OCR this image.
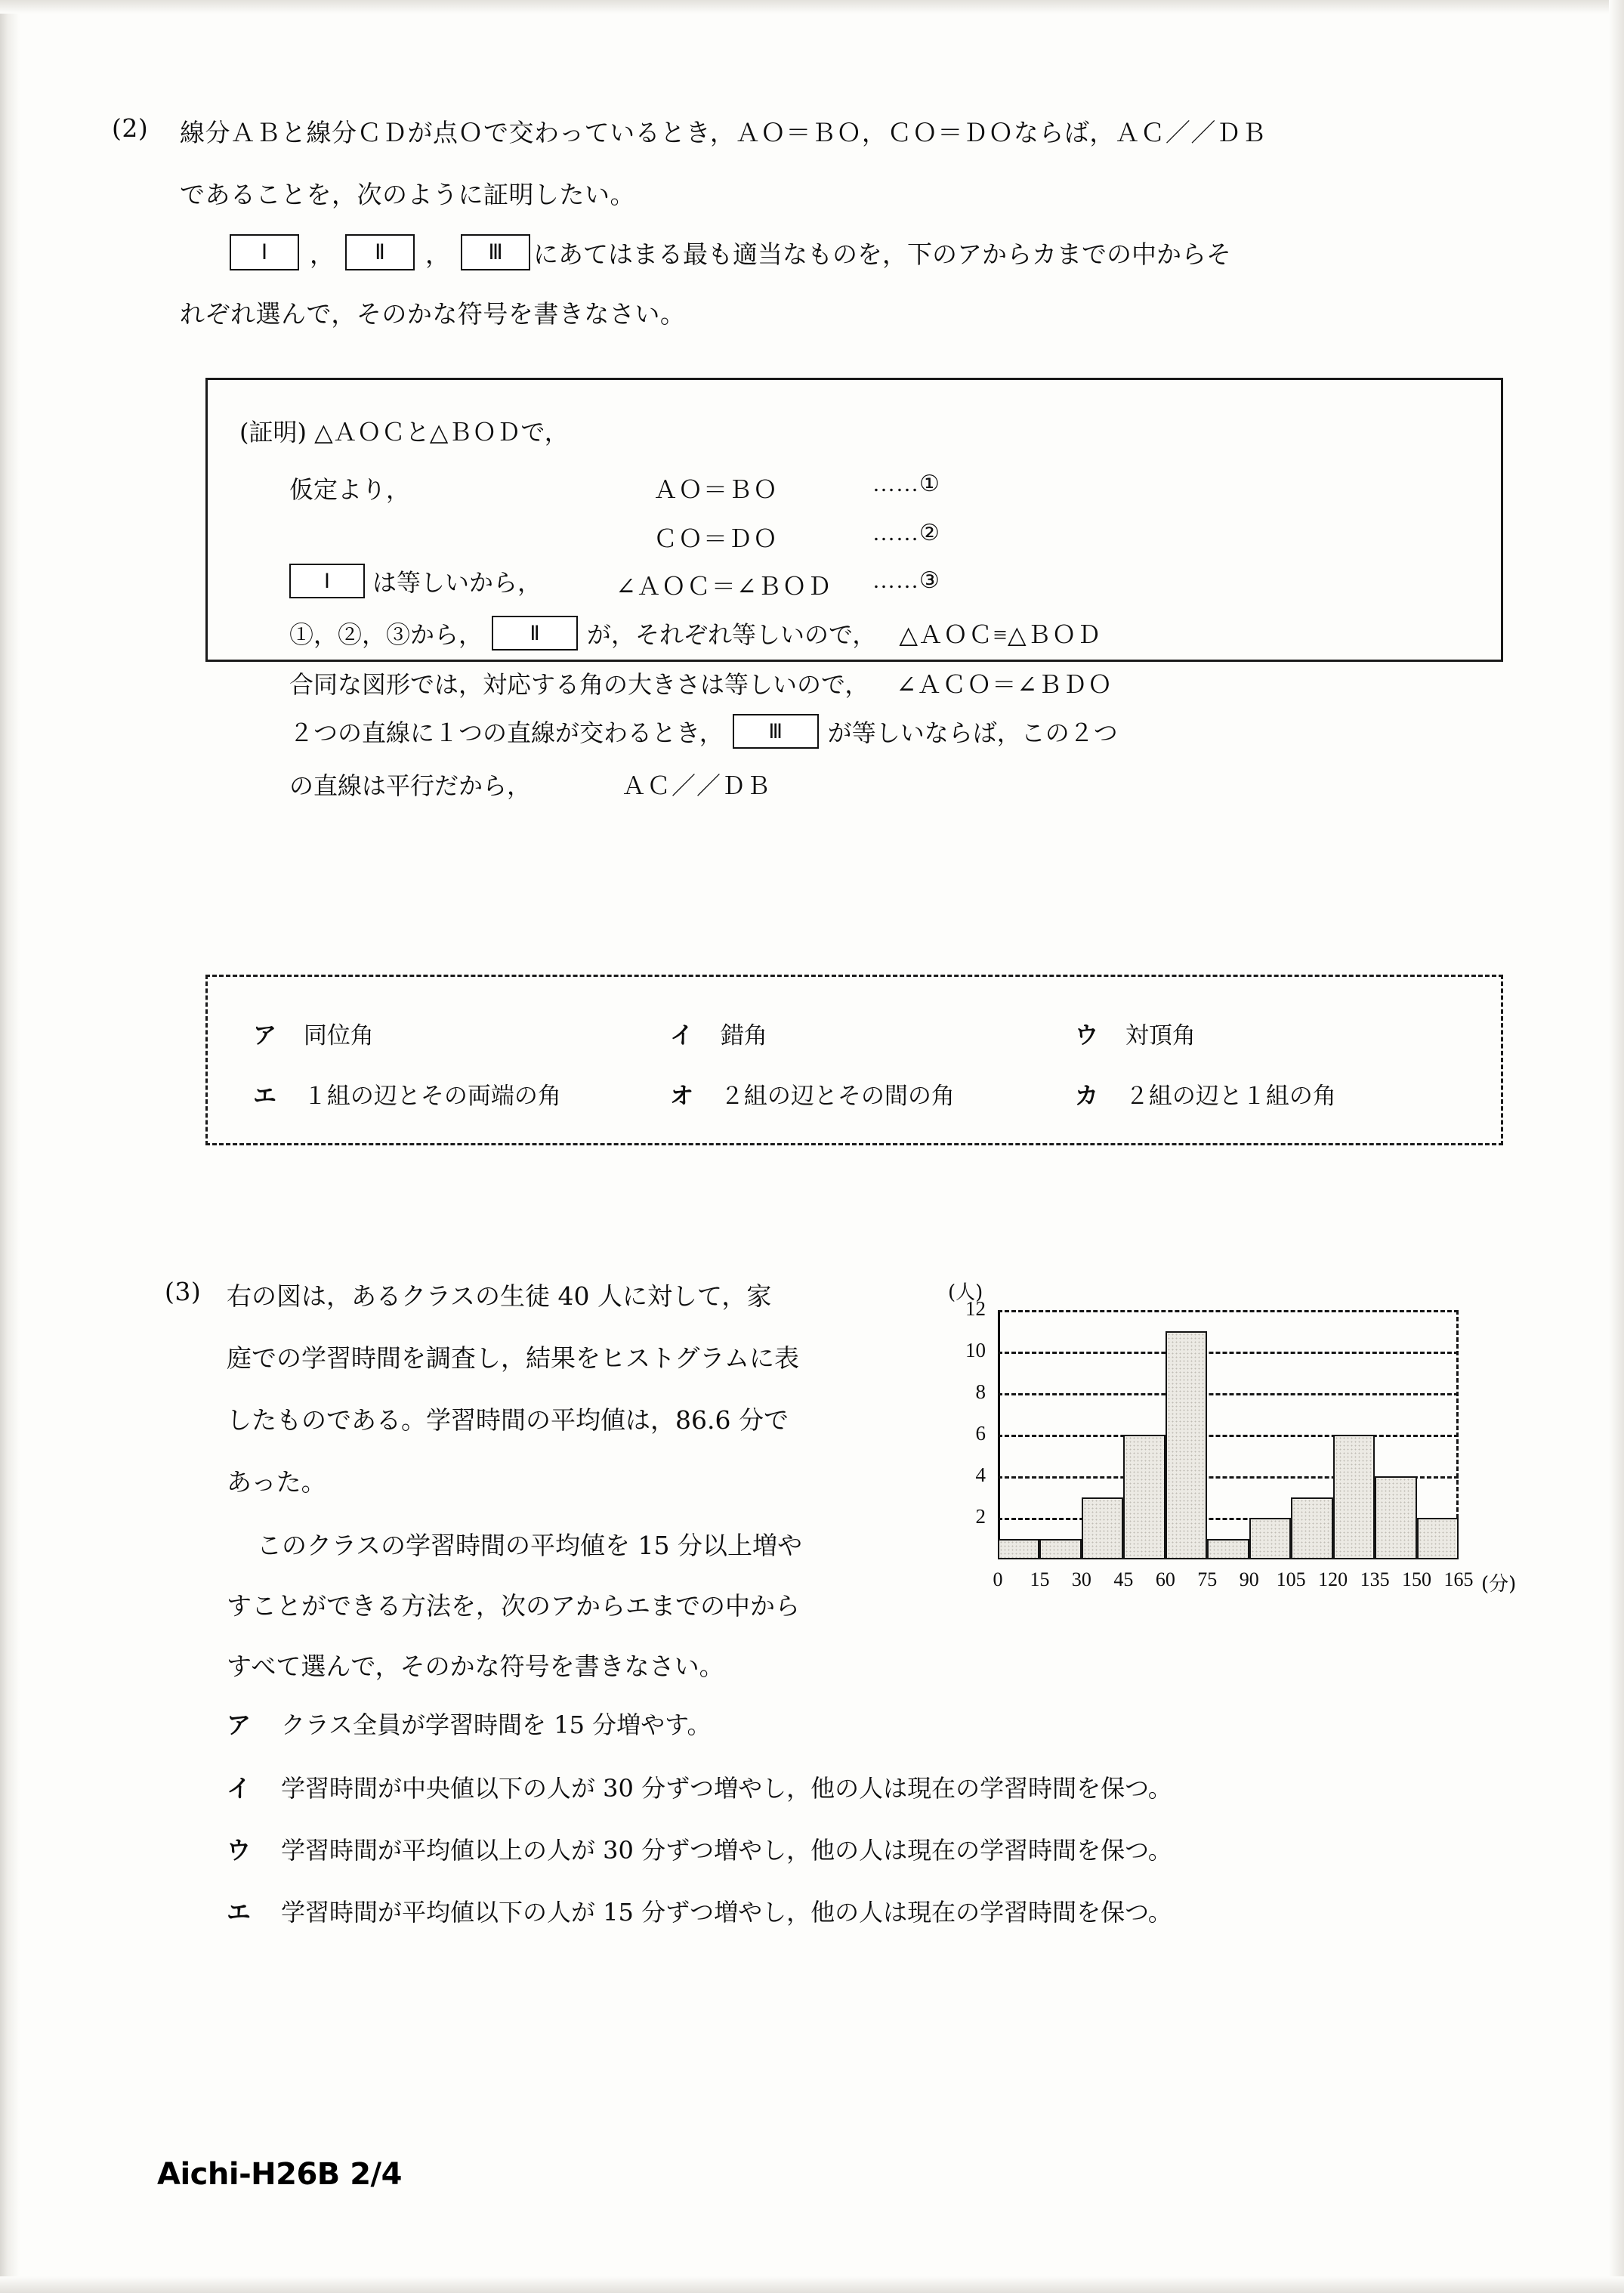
(2) 線分ＡＢと線分ＣＤが点Ｏで交わっているとき，ＡＯ＝ＢＯ，ＣＯ＝ＤＯならば，ＡＣ／／ＤＢ
であることを，次のように証明したい。
Ⅰ	，	Ⅱ	，	Ⅲ	にあてはまる最も適当なものを，下のアからカまでの中からそ
れぞれ選んで，そのかな符号を書きなさい。
(証明) △ＡＯＣと△ＢＯＤで，
仮定より，	ＡＯ＝ＢＯ	……①
ＣＯ＝ＤＯ	……②
Ⅰ	は等しいから，	∠ＡＯＣ＝∠ＢＯＤ ……③
①，②，③から，	Ⅱ	が，それぞれ等しいので， △ＡＯＣ≡△ＢＯＤ
合同な図形では，対応する角の大きさは等しいので， ∠ＡＣＯ＝∠ＢＤＯ
２つの直線に１つの直線が交わるとき，	Ⅲ	が等しいならば，この２つ
の直線は平行だから，	ＡＣ／／ＤＢ
ア 同位角	イ 錯角	ウ 対頂角
エ １組の辺とその両端の角	オ ２組の辺とその間の角	カ ２組の辺と１組の角
(3) 右の図は，あるクラスの生徒 40 人に対して，家
庭での学習時間を調査し，結果をヒストグラムに表
したものである。学習時間の平均値は，86.6 分で
あった。
このクラスの学習時間の平均値を 15 分以上増や
すことができる方法を，次のアからエまでの中から
すべて選んで，そのかな符号を書きなさい。
ア クラス全員が学習時間を 15 分増やす。
イ 学習時間が中央値以下の人が 30 分ずつ増やし，他の人は現在の学習時間を保つ。
ウ 学習時間が平均値以上の人が 30 分ずつ増やし，他の人は現在の学習時間を保つ。
エ 学習時間が平均値以下の人が 15 分ずつ増やし，他の人は現在の学習時間を保つ。
(人)
12
10
8
6
4
2
0	15	30	45	60	75	90 105 120 135 150 165 (分)
Aichi-H26B 2/4
